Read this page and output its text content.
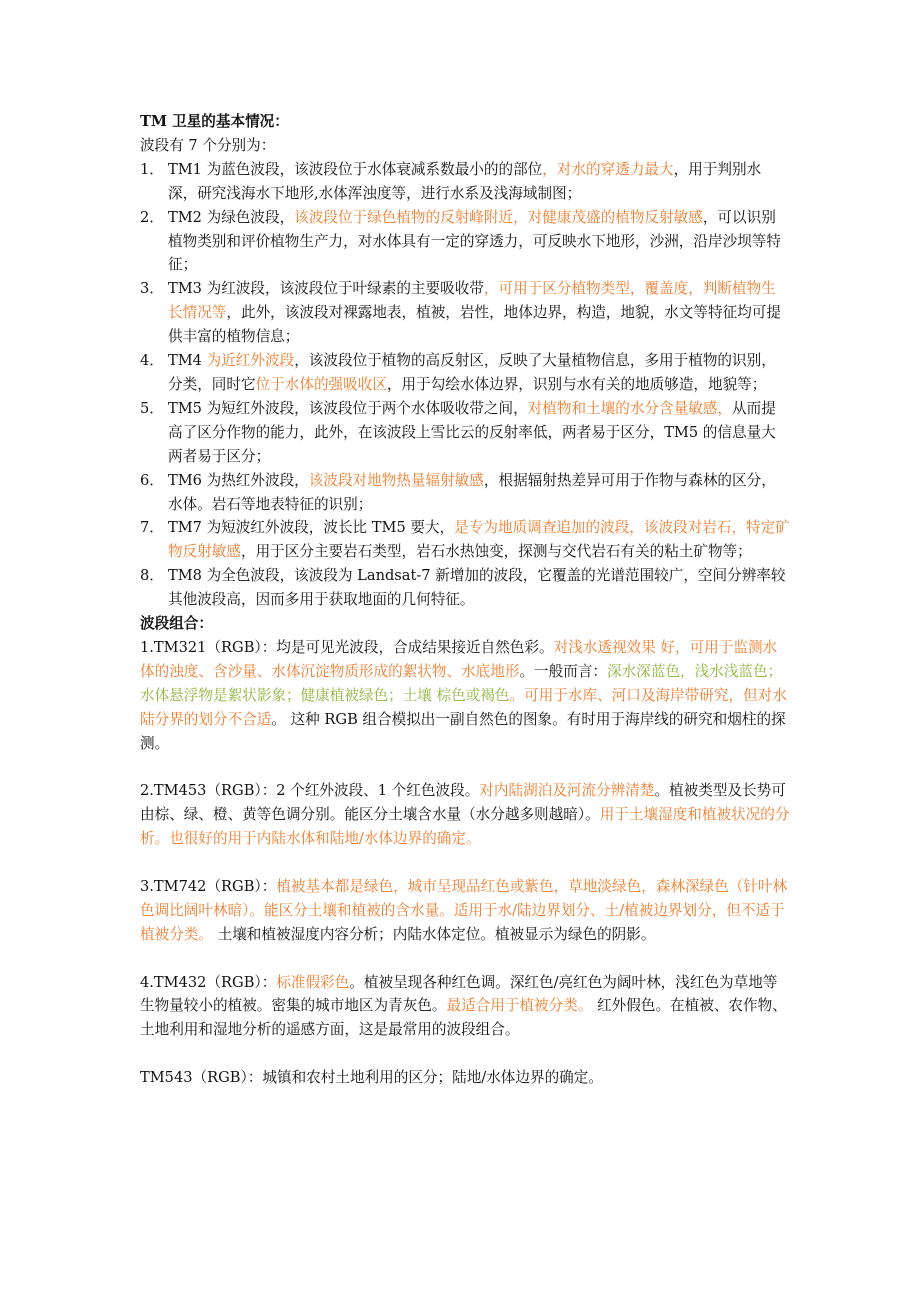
TM 卫星的基本情况：

波段有 7 个分别为：

1． TM1 为蓝色波段，该波段位于水体衰减系数最小的的部位，对水的穿透力最大，用于判别水深，研究浅海水下地形,水体浑浊度等，进行水系及浅海域制图；
2． TM2 为绿色波段，该波段位于绿色植物的反射峰附近，对健康茂盛的植物反射敏感，可以识别植物类别和评价植物生产力，对水体具有一定的穿透力，可反映水下地形，沙洲，沿岸沙坝等特征；
3． TM3 为红波段，该波段位于叶绿素的主要吸收带，可用于区分植物类型，覆盖度，判断植物生长情况等，此外，该波段对裸露地表，植被，岩性，地体边界，构造，地貌，水文等特征均可提供丰富的植物信息；
4． TM4 为近红外波段，该波段位于植物的高反射区，反映了大量植物信息，多用于植物的识别，分类，同时它位于水体的强吸收区，用于勾绘水体边界，识别与水有关的地质够造，地貌等；
5． TM5 为短红外波段，该波段位于两个水体吸收带之间，对植物和土壤的水分含量敏感，从而提高了区分作物的能力，此外，在该波段上雪比云的反射率低，两者易于区分，TM5 的信息量大两者易于区分；
6． TM6 为热红外波段，该波段对地物热量辐射敏感，根据辐射热差异可用于作物与森林的区分，水体。岩石等地表特征的识别；
7． TM7 为短波红外波段，波长比 TM5 要大，是专为地质调查追加的波段，该波段对岩石，特定矿物反射敏感，用于区分主要岩石类型，岩石水热蚀变，探测与交代岩石有关的粘土矿物等；
8． TM8 为全色波段，该波段为 Landsat-7 新增加的波段，它覆盖的光谱范围较广，空间分辨率较其他波段高，因而多用于获取地面的几何特征。

波段组合：

1.TM321（RGB）：均是可见光波段，合成结果接近自然色彩。对浅水透视效果 好，可用于监测水体的浊度、含沙量、水体沉淀物质形成的絮状物、水底地形。一般而言：深水深蓝色，浅水浅蓝色；水体悬浮物是絮状影象；健康植被绿色；土壤 棕色或褐色。可用于水库、河口及海岸带研究，但对水陆分界的划分不合适。 这种 RGB 组合模拟出一副自然色的图象。有时用于海岸线的研究和烟柱的探测。

2.TM453（RGB）：2 个红外波段、1 个红色波段。对内陆湖泊及河流分辨清楚。植被类型及长势可由棕、绿、橙、黄等色调分别。能区分土壤含水量（水分越多则越暗）。用于土壤湿度和植被状况的分析。也很好的用于内陆水体和陆地/水体边界的确定。

3.TM742（RGB）：植被基本都是绿色，城市呈现品红色或紫色，草地淡绿色，森林深绿色（针叶林色调比阔叶林暗）。能区分土壤和植被的含水量。适用于水/陆边界划分、土/植被边界划分，但不适于植被分类。 土壤和植被湿度内容分析；内陆水体定位。植被显示为绿色的阴影。

4.TM432（RGB）：标准假彩色。植被呈现各种红色调。深红色/亮红色为阔叶林，浅红色为草地等生物量较小的植被。密集的城市地区为青灰色。最适合用于植被分类。 红外假色。在植被、农作物、土地利用和湿地分析的遥感方面，这是最常用的波段组合。

TM543（RGB）：城镇和农村土地利用的区分；陆地/水体边界的确定。
